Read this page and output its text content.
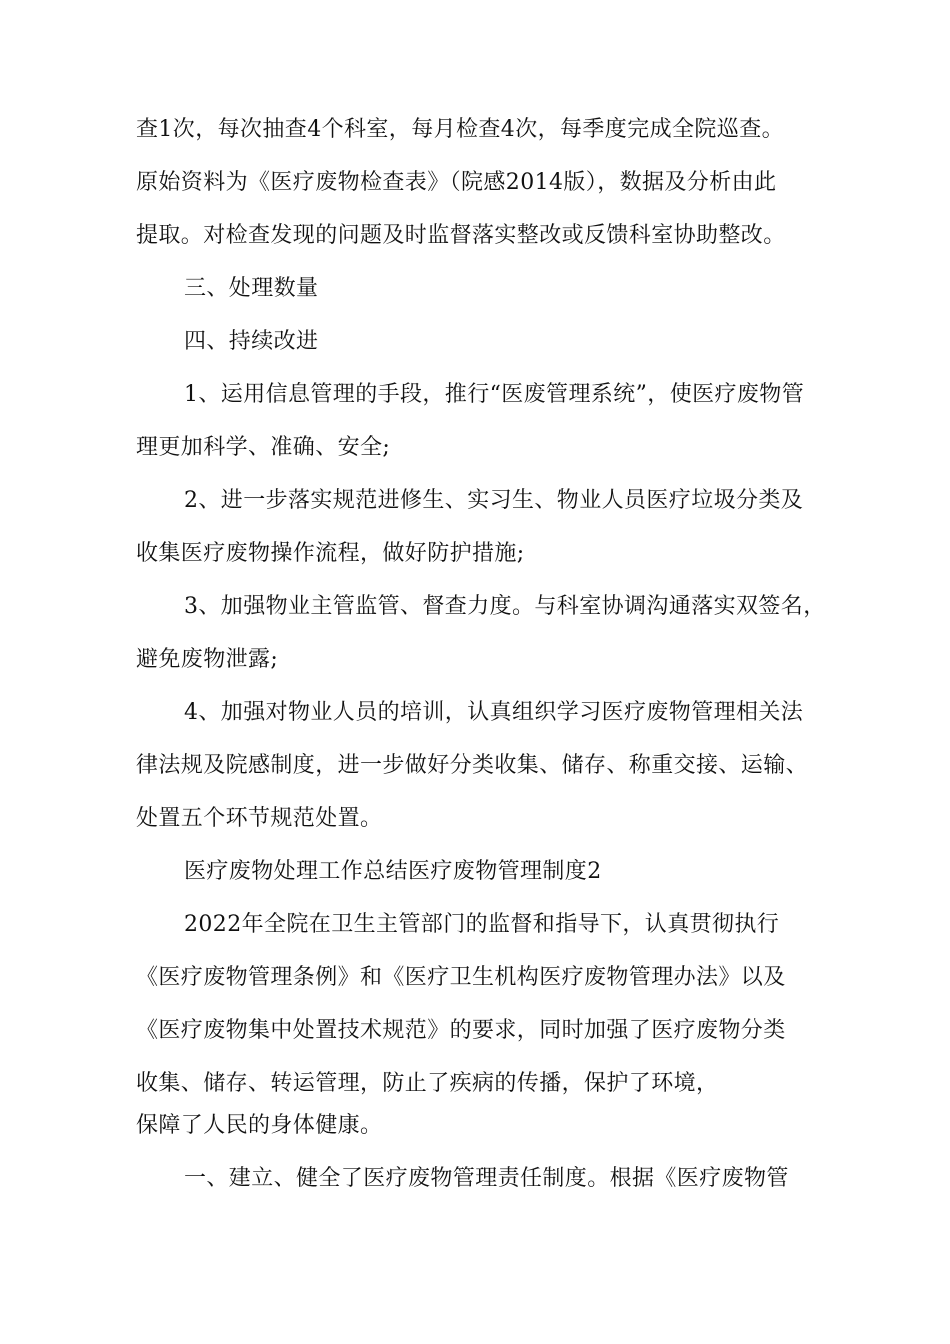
查1次，每次抽查4个科室，每月检查4次，每季度完成全院巡查。
原始资料为《医疗废物检查表》（院感2014版），数据及分析由此
提取。对检查发现的问题及时监督落实整改或反馈科室协助整改。
三、处理数量
四、持续改进
1、运用信息管理的手段，推行“医废管理系统”，使医疗废物管
理更加科学、准确、安全;
2、进一步落实规范进修生、实习生、物业人员医疗垃圾分类及
收集医疗废物操作流程，做好防护措施;
3、加强物业主管监管、督查力度。与科室协调沟通落实双签名，
避免废物泄露;
4、加强对物业人员的培训，认真组织学习医疗废物管理相关法
律法规及院感制度，进一步做好分类收集、储存、称重交接、运输、
处置五个环节规范处置。
医疗废物处理工作总结医疗废物管理制度2
2022年全院在卫生主管部门的监督和指导下，认真贯彻执行
《医疗废物管理条例》和《医疗卫生机构医疗废物管理办法》以及
《医疗废物集中处置技术规范》的要求，同时加强了医疗废物分类
收集、储存、转运管理，防止了疾病的传播，保护了环境，
保障了人民的身体健康。
一、建立、健全了医疗废物管理责任制度。根据《医疗废物管
